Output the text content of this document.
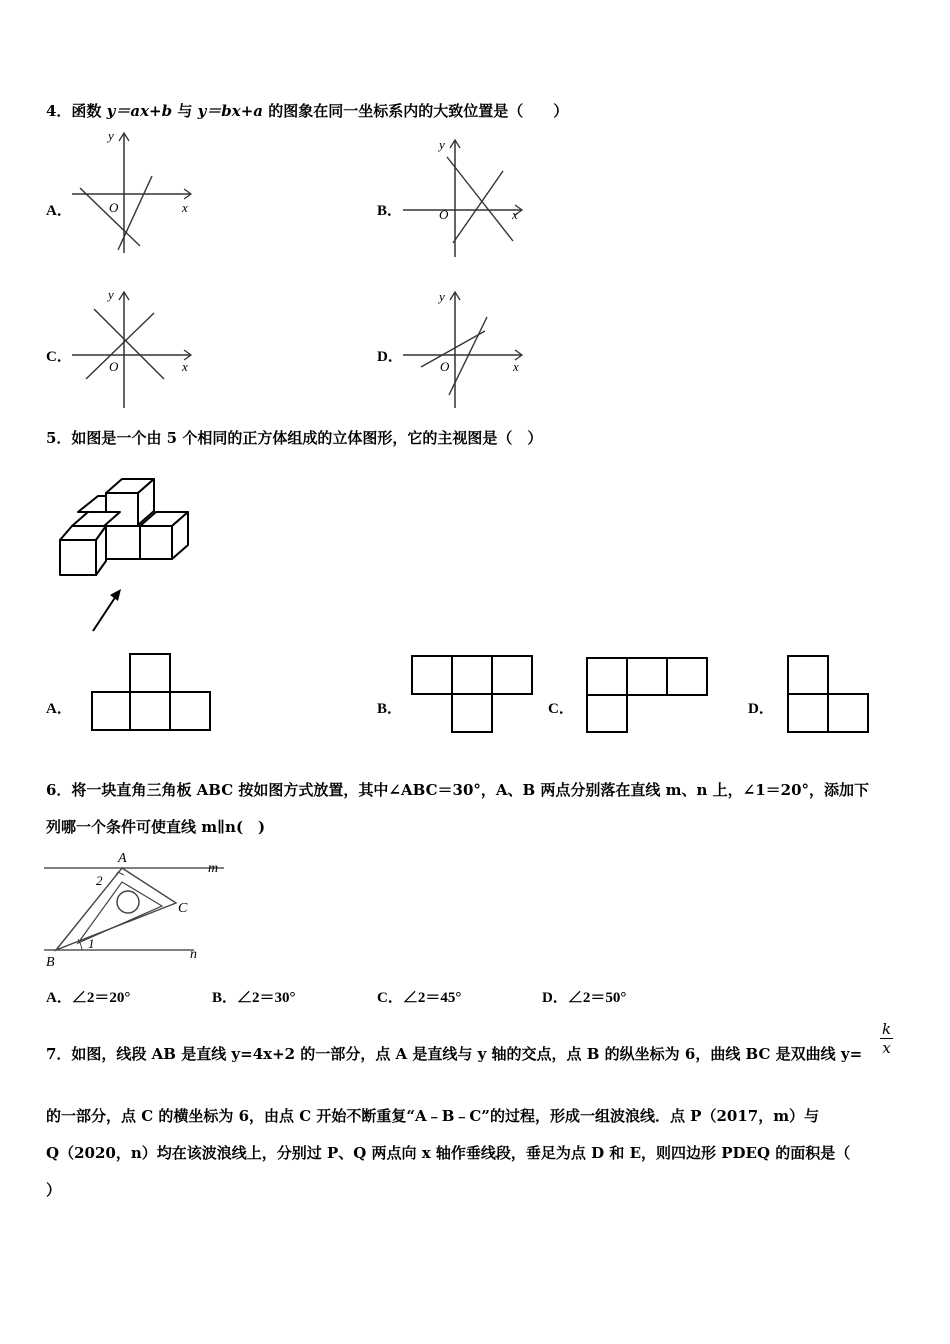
4．函数 y＝ax+b 与 y＝bx+a 的图象在同一坐标系内的大致位置是（　　）
A．
y
x
O	B．
y
x
O
C．
y
x
O
D．
y
x
O
5．如图是一个由 5 个相同的正方体组成的立体图形，它的主视图是（　）
A．	B．	C．	D．
6．将一块直角三角板 ABC 按如图方式放置，其中∠ABC＝30°，A、B 两点分别落在直线 m、n 上，∠1＝20°，添加下
列哪一个条件可使直线 m∥n(　)
A
m
2
C
1
B
n
A．∠2＝20°	B．∠2＝30°	C．∠2＝45°	D．∠2＝50°
7．如图，线段 AB 是直线 y=4x+2 的一部分，点 A 是直线与 y 轴的交点，点 B 的纵坐标为 6，曲线 BC 是双曲线 $y= \frac{k}{x}$
的一部分，点 C 的横坐标为 6，由点 C 开始不断重复“A﹣B﹣C”的过程，形成一组波浪线．点 P（2017，m）与
Q（2020，n）均在该波浪线上，分别过 P、Q 两点向 x 轴作垂线段，垂足为点 D 和 E，则四边形 PDEQ 的面积是（
）
